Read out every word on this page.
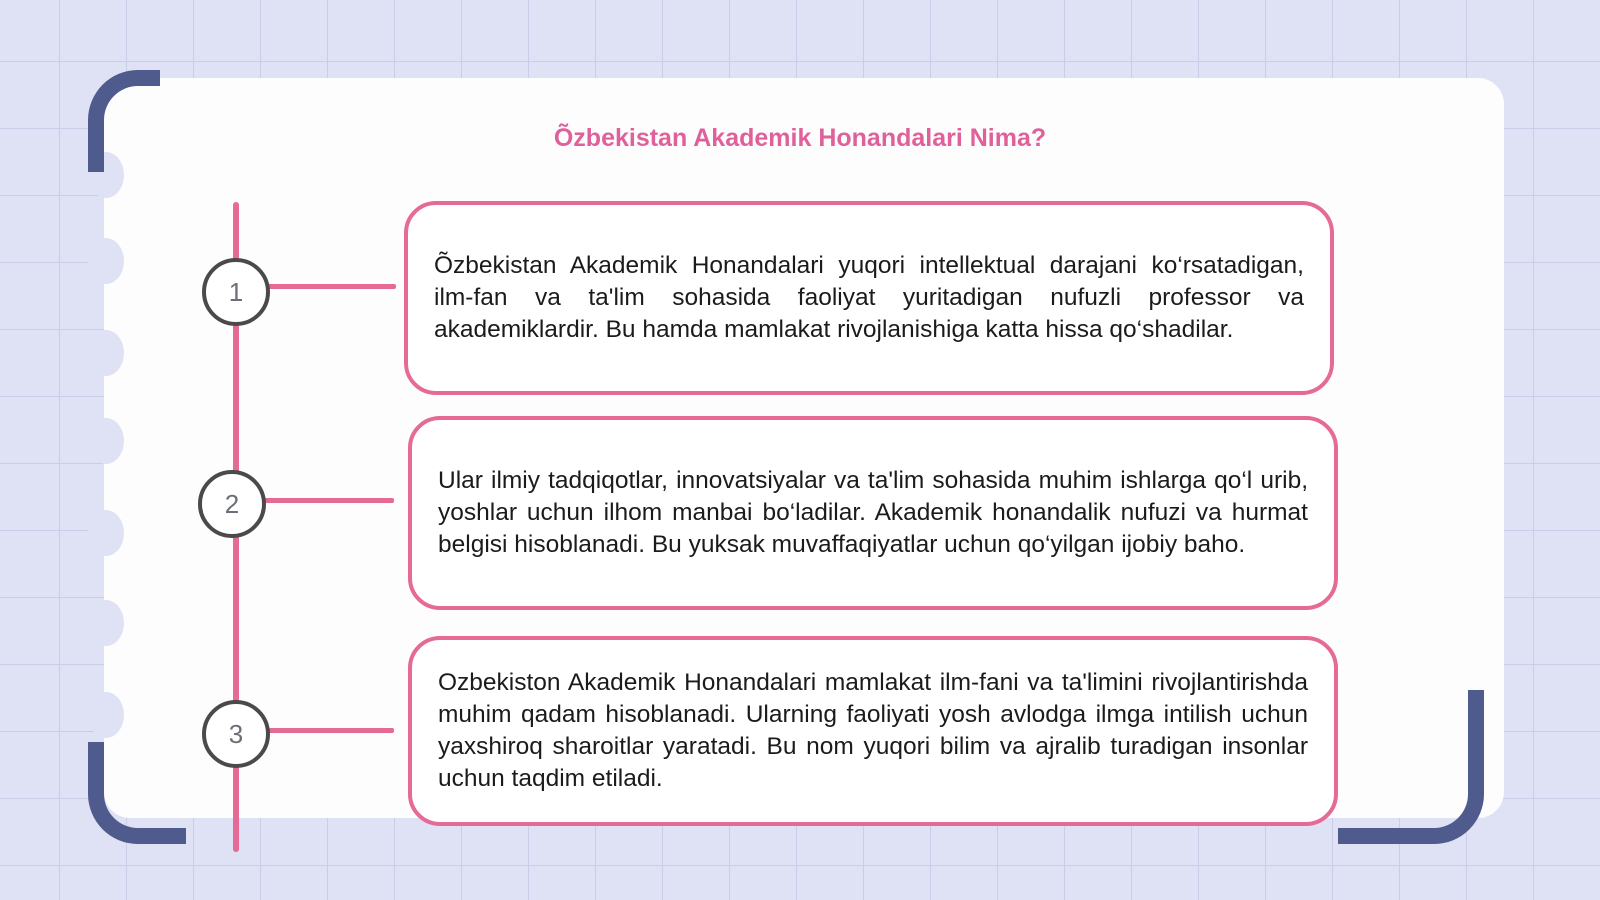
Õzbekistan Akademik Honandalari Nima?
1
2
3

Õzbekistan Akademik Honandalari yuqori intellektual darajani ko‘rsatadigan, ilm-fan va ta'lim sohasida faoliyat yuritadigan nufuzli professor va akademiklardir. Bu hamda mamlakat rivojlanishiga katta hissa qo‘shadilar.

Ular ilmiy tadqiqotlar, innovatsiyalar va ta'lim sohasida muhim ishlarga qo‘l urib, yoshlar uchun ilhom manbai bo‘ladilar. Akademik honandalik nufuzi va hurmat belgisi hisoblanadi. Bu yuksak muvaffaqiyatlar uchun qo‘yilgan ijobiy baho.

Ozbekiston Akademik Honandalari mamlakat ilm-fani va ta'limini rivojlantirishda muhim qadam hisoblanadi. Ularning faoliyati yosh avlodga ilmga intilish uchun yaxshiroq sharoitlar yaratadi. Bu nom yuqori bilim va ajralib turadigan insonlar uchun taqdim etiladi.
